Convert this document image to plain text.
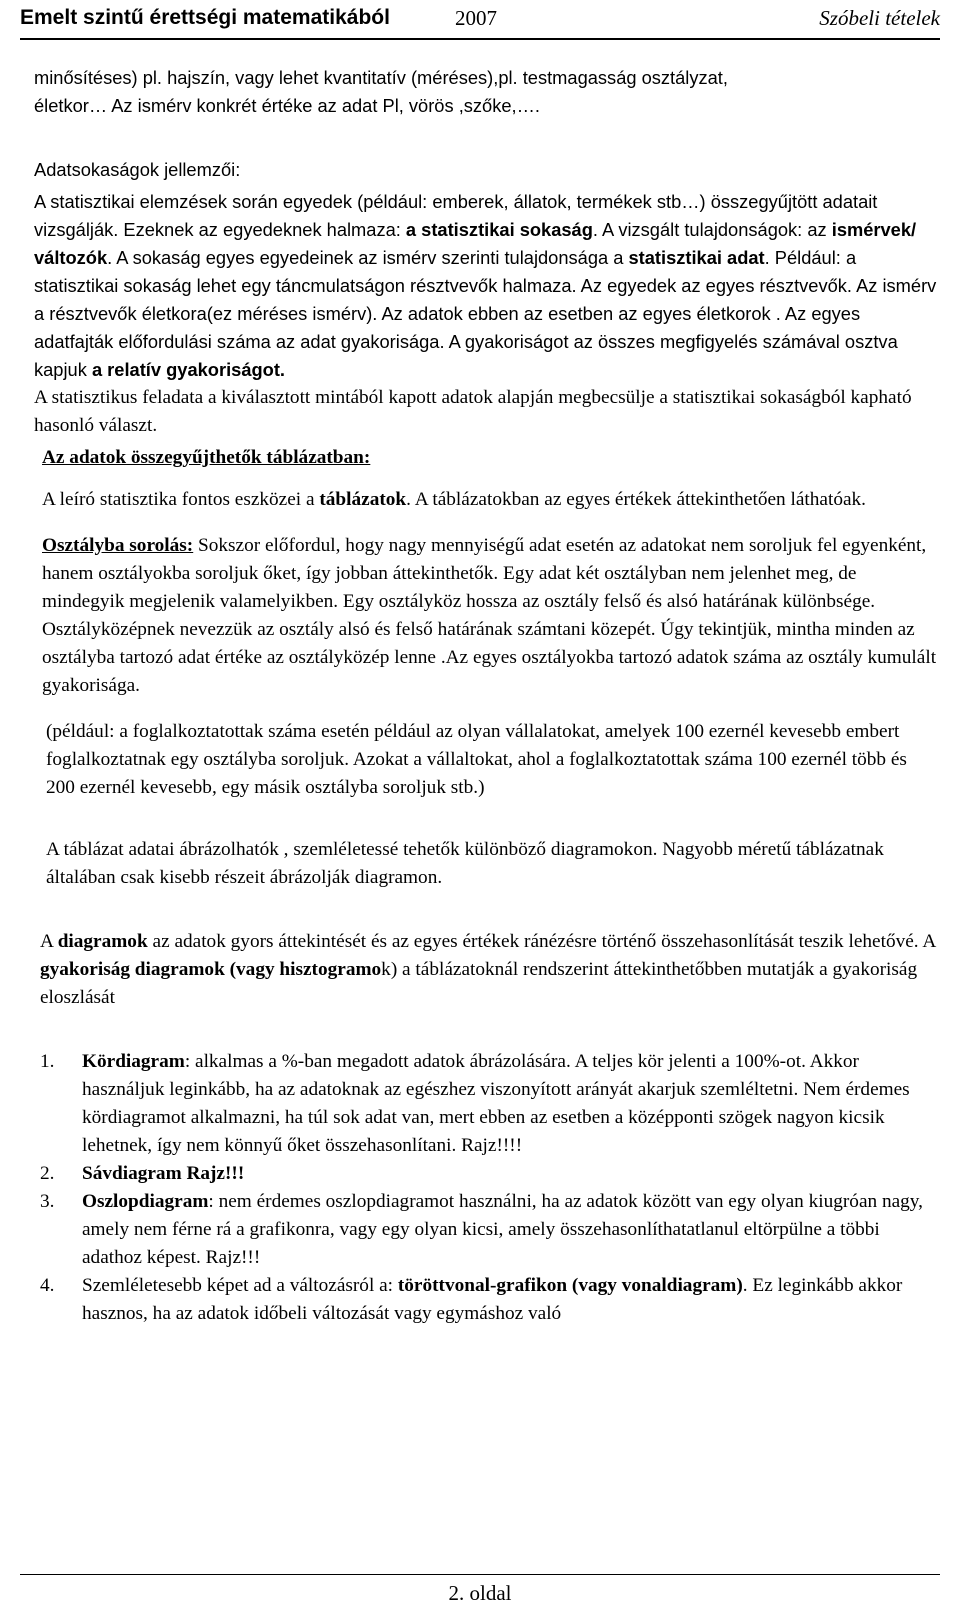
Emelt szintű érettségi matematikából	2007	Szóbeli tételek

minősítéses) pl. hajszín, vagy lehet kvantitatív (méréses),pl. testmagasság osztályzat,

életkor… Az ismérv konkrét értéke az adat Pl, vörös ,szőke,….

Adatsokaságok jellemzői:

A statisztikai elemzések során egyedek (például: emberek, állatok, termékek stb…) összegyűjtött adatait vizsgálják. Ezeknek az egyedeknek halmaza: a statisztikai sokaság. A vizsgált tulajdonságok: az ismérvek/ változók. A sokaság egyes egyedeinek az ismérv szerinti tulajdonsága a statisztikai adat. Például: a statisztikai sokaság lehet egy táncmulatságon résztvevők halmaza. Az egyedek az egyes résztvevők. Az ismérv a résztvevők életkora(ez méréses ismérv). Az adatok ebben az esetben az egyes életkorok . Az egyes adatfajták előfordulási száma az adat gyakorisága. A gyakoriságot az összes megfigyelés számával osztva kapjuk a relatív gyakoriságot.

A statisztikus feladata a kiválasztott mintából kapott adatok alapján megbecsülje a statisztikai sokaságból kapható hasonló választ.

Az adatok összegyűjthetők táblázatban:

A leíró statisztika fontos eszközei a táblázatok. A táblázatokban az egyes értékek áttekinthetően láthatóak.

Osztályba sorolás: Sokszor előfordul, hogy nagy mennyiségű adat esetén az adatokat nem soroljuk fel egyenként, hanem osztályokba soroljuk őket, így jobban áttekinthetők. Egy adat két osztályban nem jelenhet meg, de mindegyik megjelenik valamelyikben. Egy osztályköz hossza az osztály felső és alsó határának különbsége. Osztályközépnek nevezzük az osztály alsó és felső határának számtani közepét. Úgy tekintjük, mintha minden az osztályba tartozó adat értéke az osztályközép lenne .Az egyes osztályokba tartozó adatok száma az osztály kumulált gyakorisága.

(például: a foglalkoztatottak száma esetén például az olyan vállalatokat, amelyek 100 ezernél kevesebb embert foglalkoztatnak egy osztályba soroljuk. Azokat a vállaltokat, ahol a foglalkoztatottak száma 100 ezernél több és 200 ezernél kevesebb, egy másik osztályba soroljuk stb.)

A táblázat adatai ábrázolhatók , szemléletessé tehetők különböző diagramokon. Nagyobb méretű táblázatnak általában csak kisebb részeit ábrázolják diagramon.

A diagramok az adatok gyors áttekintését és az egyes értékek ránézésre történő összehasonlítását teszik lehetővé. A gyakoriság diagramok (vagy hisztogramok) a táblázatoknál rendszerint áttekinthetőbben mutatják a gyakoriság eloszlását

1. Kördiagram: alkalmas a %-ban megadott adatok ábrázolására. A teljes kör jelenti a 100%-ot. Akkor használjuk leginkább, ha az adatoknak az egészhez viszonyított arányát akarjuk szemléltetni. Nem érdemes kördiagramot alkalmazni, ha túl sok adat van, mert ebben az esetben a középponti szögek nagyon kicsik lehetnek, így nem könnyű őket összehasonlítani. Rajz!!!!
2. Sávdiagram Rajz!!!
3. Oszlopdiagram: nem érdemes oszlopdiagramot használni, ha az adatok között van egy olyan kiugróan nagy, amely nem férne rá a grafikonra, vagy egy olyan kicsi, amely összehasonlíthatatlanul eltörpülne a többi adathoz képest. Rajz!!!
4. Szemléletesebb képet ad a változásról a: töröttvonal-grafikon (vagy vonaldiagram). Ez leginkább akkor hasznos, ha az adatok időbeli változását vagy egymáshoz való
2. oldal
